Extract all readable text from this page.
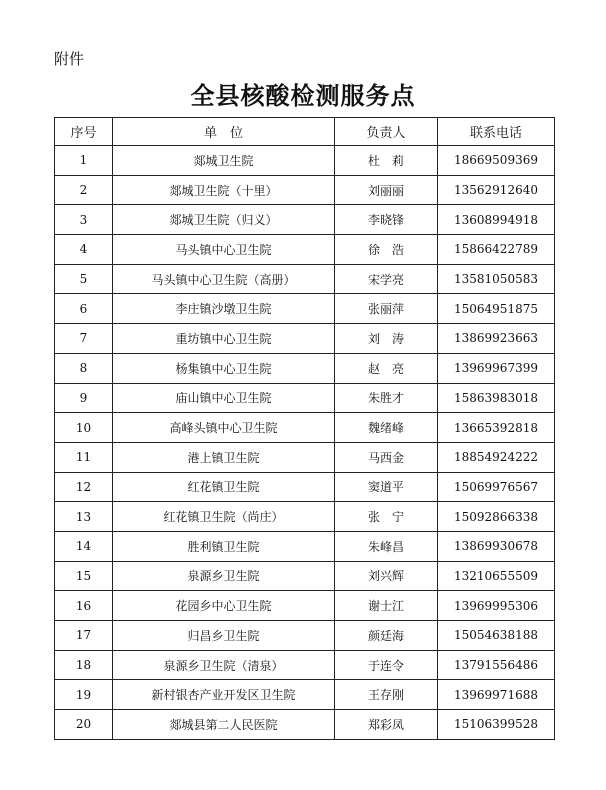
附件
全县核酸检测服务点
序号	单　位	负责人	联系电话
1	郯城卫生院	杜　莉	18669509369
2	郯城卫生院（十里）	刘丽丽	13562912640
3	郯城卫生院（归义）	李晓锋	13608994918
4	马头镇中心卫生院	徐　浩	15866422789
5	马头镇中心卫生院（高册）	宋学亮	13581050583
6	李庄镇沙墩卫生院	张丽萍	15064951875
7	重坊镇中心卫生院	刘　涛	13869923663
8	杨集镇中心卫生院	赵　亮	13969967399
9	庙山镇中心卫生院	朱胜才	15863983018
10	高峰头镇中心卫生院	魏绪峰	13665392818
11	港上镇卫生院	马西金	18854924222
12	红花镇卫生院	窦道平	15069976567
13	红花镇卫生院（尚庄）	张　宁	15092866338
14	胜利镇卫生院	朱峰昌	13869930678
15	泉源乡卫生院	刘兴辉	13210655509
16	花园乡中心卫生院	谢士江	13969995306
17	归昌乡卫生院	颜廷海	15054638188
18	泉源乡卫生院（清泉）	于连令	13791556486
19	新村银杏产业开发区卫生院	王存刚	13969971688
20	郯城县第二人民医院	郑彩凤	15106399528
